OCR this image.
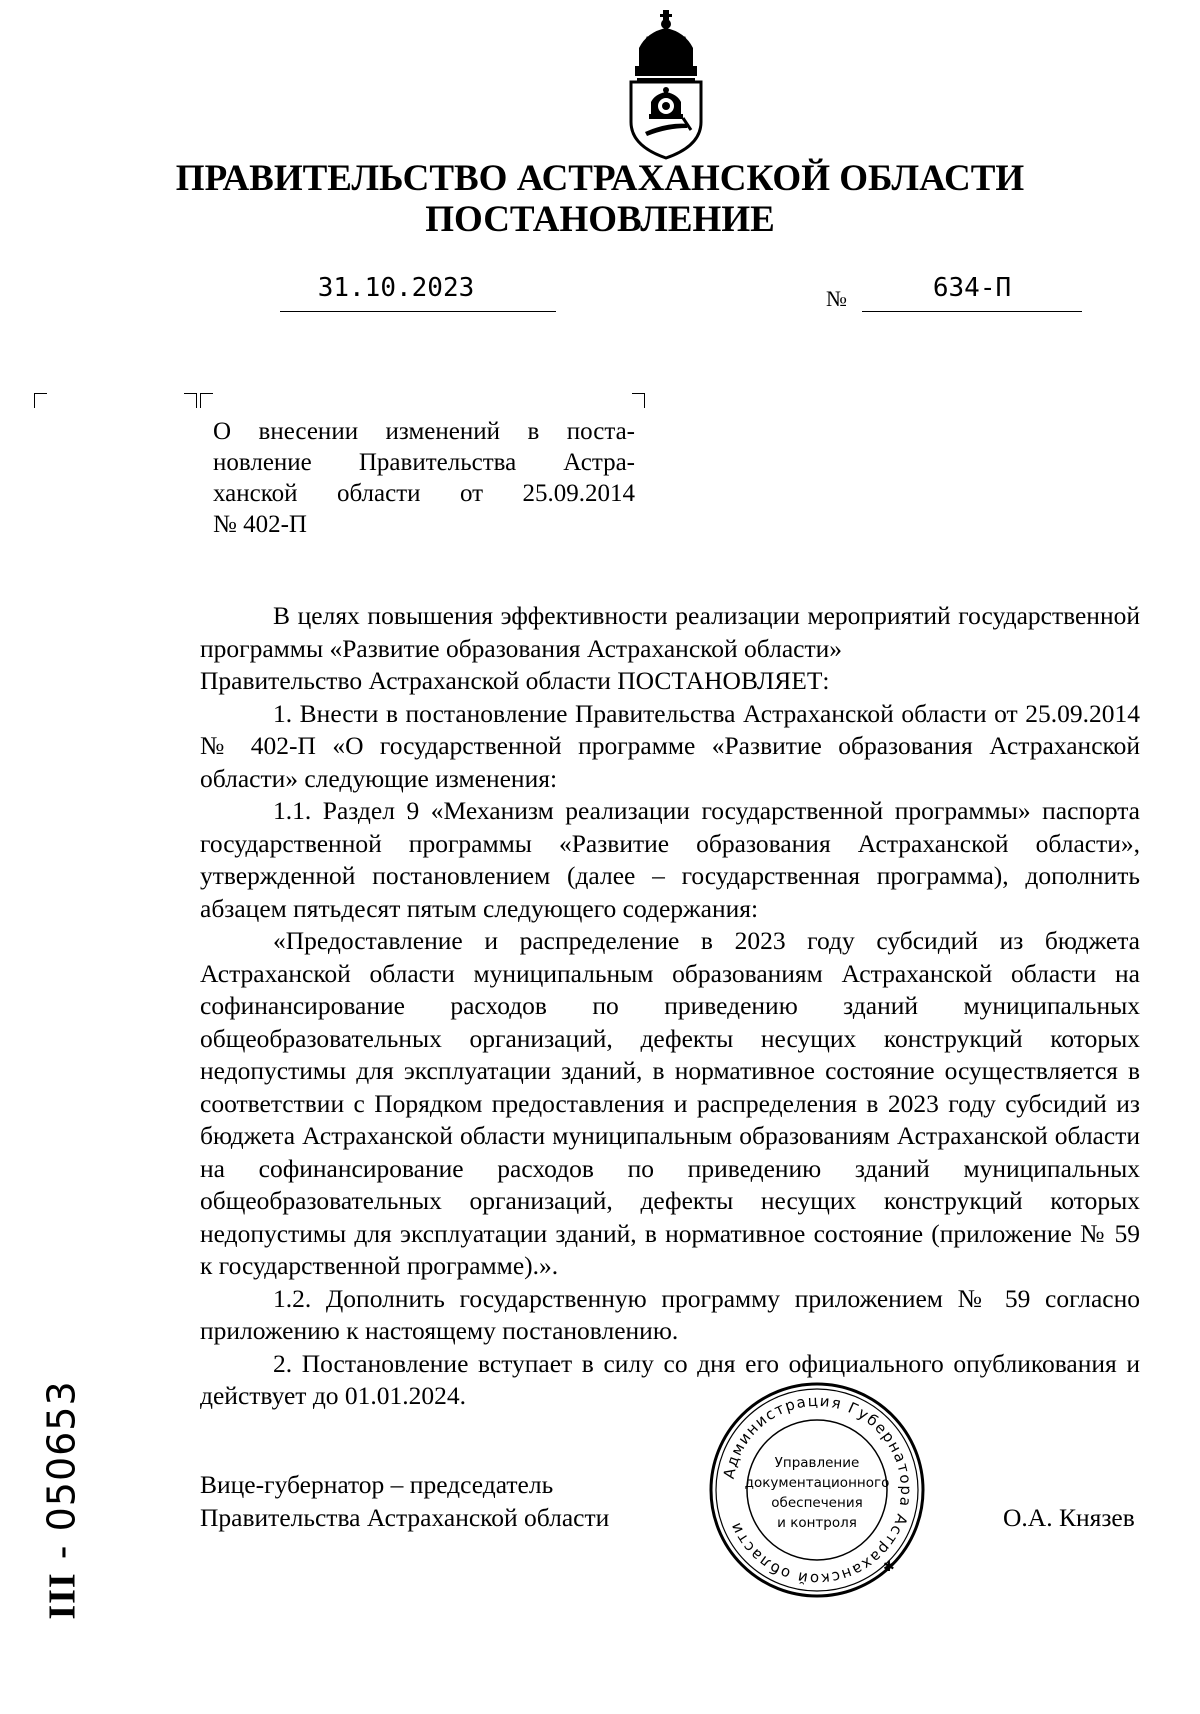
ПРАВИТЕЛЬСТВО АСТРАХАНСКОЙ ОБЛАСТИ
ПОСТАНОВЛЕНИЕ
31.10.2023	№	634-П
О внесении изменений в поста-
новление Правительства Астра-
ханской области от 25.09.2014
№ 402-П

В целях повышения эффективности реализации мероприятий государственной программы «Развитие образования Астраханской области»

Правительство Астраханской области ПОСТАНОВЛЯЕТ:

1. Внести в постановление Правительства Астраханской области от 25.09.2014 № 402-П «О государственной программе «Развитие образования Астраханской области» следующие изменения:

1.1. Раздел 9 «Механизм реализации государственной программы» паспорта государственной программы «Развитие образования Астраханской области», утвержденной постановлением (далее – государственная программа), дополнить абзацем пятьдесят пятым следующего содержания:

«Предоставление и распределение в 2023 году субсидий из бюджета Астраханской области муниципальным образованиям Астраханской области на софинансирование расходов по приведению зданий муниципальных общеобразовательных организаций, дефекты несущих конструкций которых недопустимы для эксплуатации зданий, в нормативное состояние осуществляется в соответствии с Порядком предоставления и распределения в 2023 году субсидий из бюджета Астраханской области муниципальным образованиям Астраханской области на софинансирование расходов по приведению зданий муниципальных общеобразовательных организаций, дефекты несущих конструкций которых недопустимы для эксплуатации зданий, в нормативное состояние (приложение № 59 к государственной программе).».

1.2. Дополнить государственную программу приложением № 59 согласно приложению к настоящему постановлению.

2. Постановление вступает в силу со дня его официального опубликования и действует до 01.01.2024.

Вице-губернатор – председатель
Правительства Астраханской области	О.А. Князев
Администрация Губернатора Астраханской области
✱
Управление
документационного
обеспечения
и контроля
ІІІ - 050653
